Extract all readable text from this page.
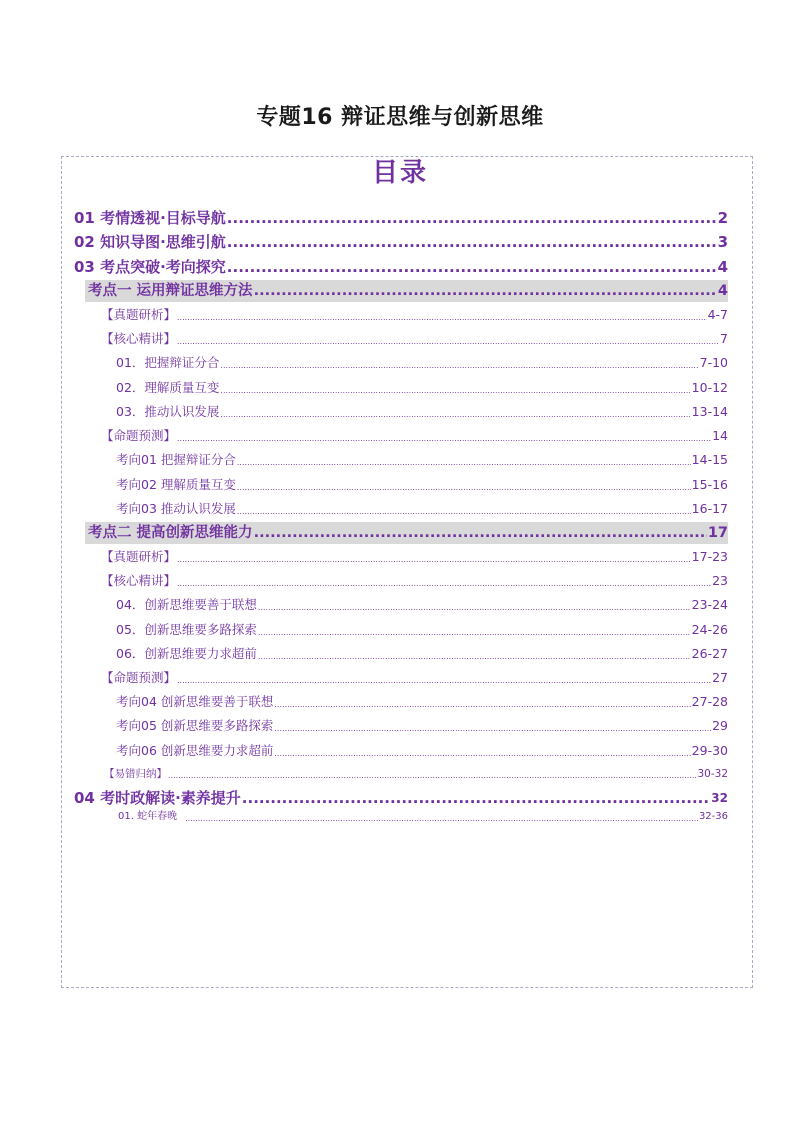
专题16 辩证思维与创新思维
目录
01 考情透视·目标导航 .....	2
02 知识导图·思维引航 .....	3
03 考点突破·考向探究 .....	4
考点一 运用辩证思维方法 .....	4
【真题研析】 .....	4-7
【核心精讲】 .....	7
01．把握辩证分合 .....	7-10
02．理解质量互变 .....	10-12
03．推动认识发展 .....	13-14
【命题预测】 .....	14
考向01 把握辩证分合 .....	14-15
考向02 理解质量互变 .....	15-16
考向03 推动认识发展 .....	16-17
考点二 提高创新思维能力 .....	17
【真题研析】 .....	17-23
【核心精讲】 .....	23
04．创新思维要善于联想 .....	23-24
05．创新思维要多路探索 .....	24-26
06．创新思维要力求超前 .....	26-27
【命题预测】 .....	27
考向04 创新思维要善于联想 .....	27-28
考向05 创新思维要多路探索 .....	29
考向06 创新思维要力求超前 .....	29-30
【易错归纳】 .....	30-32
04 考时政解读·素养提升 .....	32
01. 蛇年春晚 .....	32-36
